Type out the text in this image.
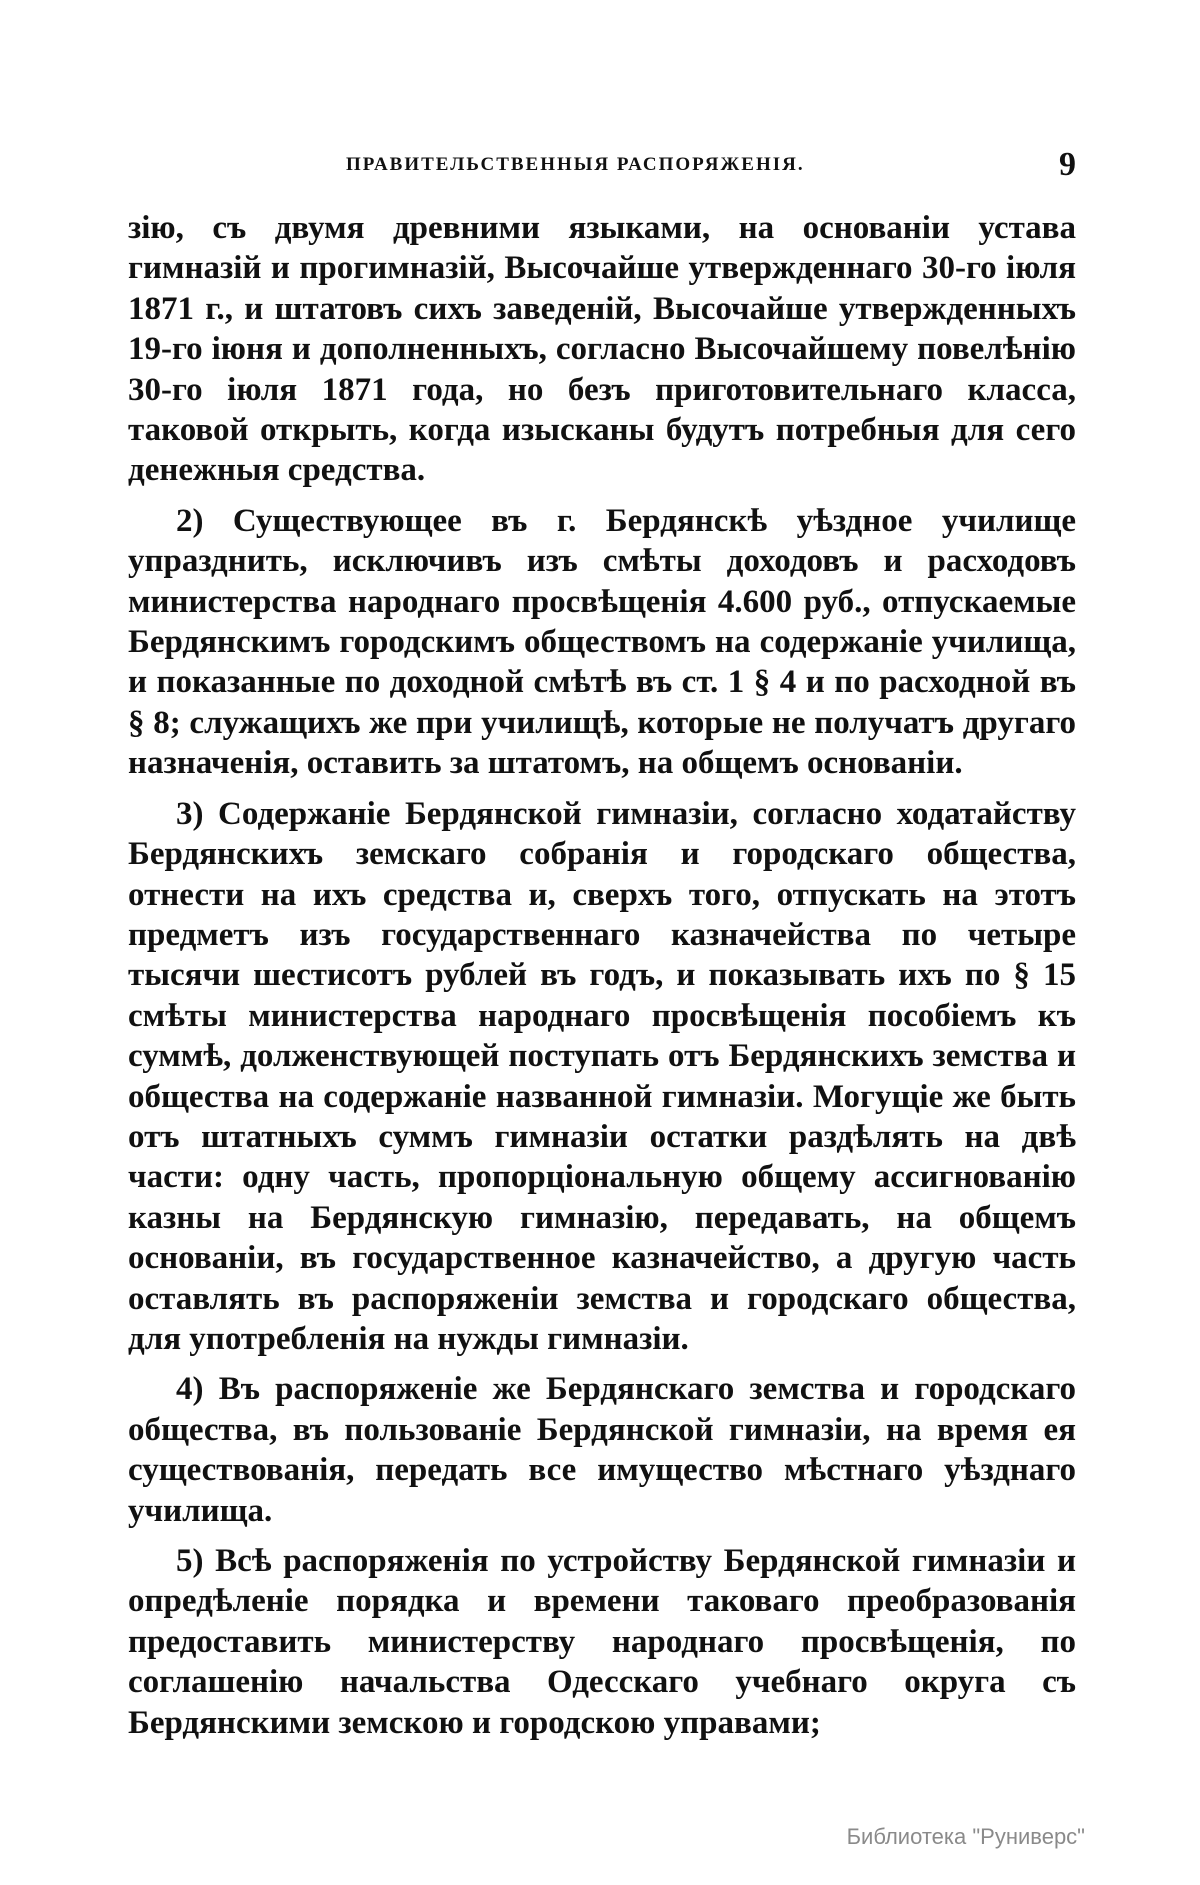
ПРАВИТЕЛЬСТВЕННЫЯ РАСПОРЯЖЕНІЯ.	9

зію, съ двумя древними языками, на основаніи устава гимназій и прогимназій, Высочайше утвержденнаго 30-го іюля 1871 г., и штатовъ сихъ заведеній, Высочайше утвержденныхъ 19-го іюня и дополненныхъ, согласно Высочайшему повелѣнію 30-го іюля 1871 года, но безъ приготовительнаго класса, таковой открыть, когда изысканы будутъ потребныя для сего денежныя средства.

2) Существующее въ г. Бердянскѣ уѣздное училище упразднить, исключивъ изъ смѣты доходовъ и расходовъ министерства народнаго просвѣщенія 4.600 руб., отпускаемые Бердянскимъ городскимъ обществомъ на содержаніе училища, и показанные по доходной смѣтѣ въ ст. 1 § 4 и по расходной въ § 8; служащихъ же при училищѣ, которые не получатъ другаго назначенія, оставить за штатомъ, на общемъ основаніи.

3) Содержаніе Бердянской гимназіи, согласно ходатайству Бердянскихъ земскаго собранія и городскаго общества, отнести на ихъ средства и, сверхъ того, отпускать на этотъ предметъ изъ государственнаго казначейства по четыре тысячи шестисотъ рублей въ годъ, и показывать ихъ по § 15 смѣты министерства народнаго просвѣщенія пособіемъ къ суммѣ, долженствующей поступать отъ Бердянскихъ земства и общества на содержаніе названной гимназіи. Могущіе же быть отъ штатныхъ суммъ гимназіи остатки раздѣлять на двѣ части: одну часть, пропорціональную общему ассигнованію казны на Бердянскую гимназію, передавать, на общемъ основаніи, въ государственное казначейство, а другую часть оставлять въ распоряженіи земства и городскаго общества, для употребленія на нужды гимназіи.

4) Въ распоряженіе же Бердянскаго земства и городскаго общества, въ пользованіе Бердянской гимназіи, на время ея существованія, передать все имущество мѣстнаго уѣзднаго училища.

5) Всѣ распоряженія по устройству Бердянской гимназіи и опредѣленіе порядка и времени таковаго преобразованія предоставить министерству народнаго просвѣщенія, по соглашенію начальства Одесскаго учебнаго округа съ Бердянскими земскою и городскою управами;

Библиотека "Руниверс"
